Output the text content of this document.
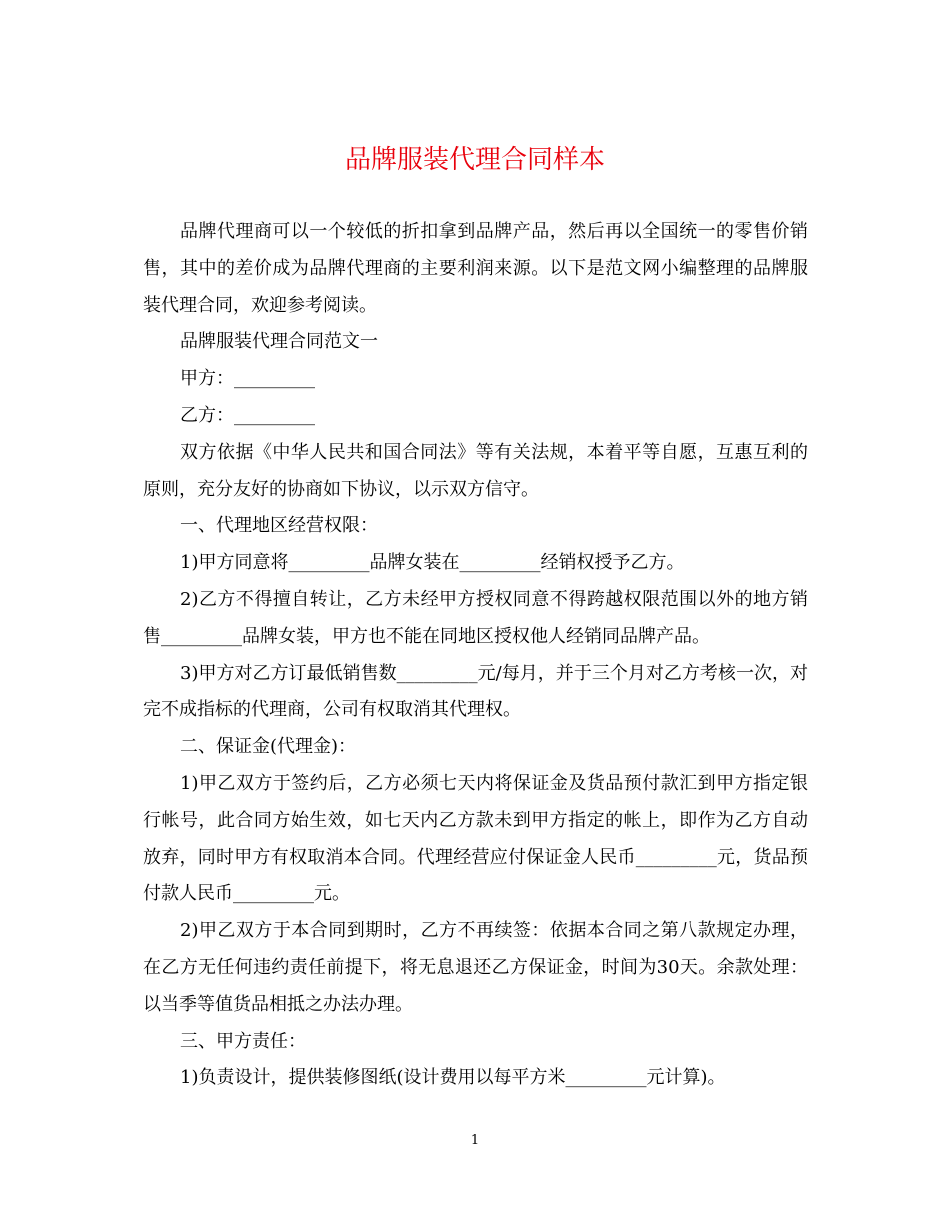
品牌服装代理合同样本

品牌代理商可以一个较低的折扣拿到品牌产品，然后再以全国统一的零售价销售，其中的差价成为品牌代理商的主要利润来源。以下是范文网小编整理的品牌服装代理合同，欢迎参考阅读。

品牌服装代理合同范文一

甲方：_________

乙方：_________

双方依据《中华人民共和国合同法》等有关法规，本着平等自愿，互惠互利的原则，充分友好的协商如下协议，以示双方信守。

一、代理地区经营权限：

1)甲方同意将_________品牌女装在_________经销权授予乙方。

2)乙方不得擅自转让，乙方未经甲方授权同意不得跨越权限范围以外的地方销售_________品牌女装，甲方也不能在同地区授权他人经销同品牌产品。

3)甲方对乙方订最低销售数_________元/每月，并于三个月对乙方考核一次，对完不成指标的代理商，公司有权取消其代理权。

二、保证金(代理金)：

1)甲乙双方于签约后，乙方必须七天内将保证金及货品预付款汇到甲方指定银行帐号，此合同方始生效，如七天内乙方款未到甲方指定的帐上，即作为乙方自动放弃，同时甲方有权取消本合同。代理经营应付保证金人民币_________元，货品预付款人民币_________元。

2)甲乙双方于本合同到期时，乙方不再续签：依据本合同之第八款规定办理，在乙方无任何违约责任前提下，将无息退还乙方保证金，时间为30天。余款处理：以当季等值货品相抵之办法办理。

三、甲方责任：

1)负责设计，提供装修图纸(设计费用以每平方米_________元计算)。

1
